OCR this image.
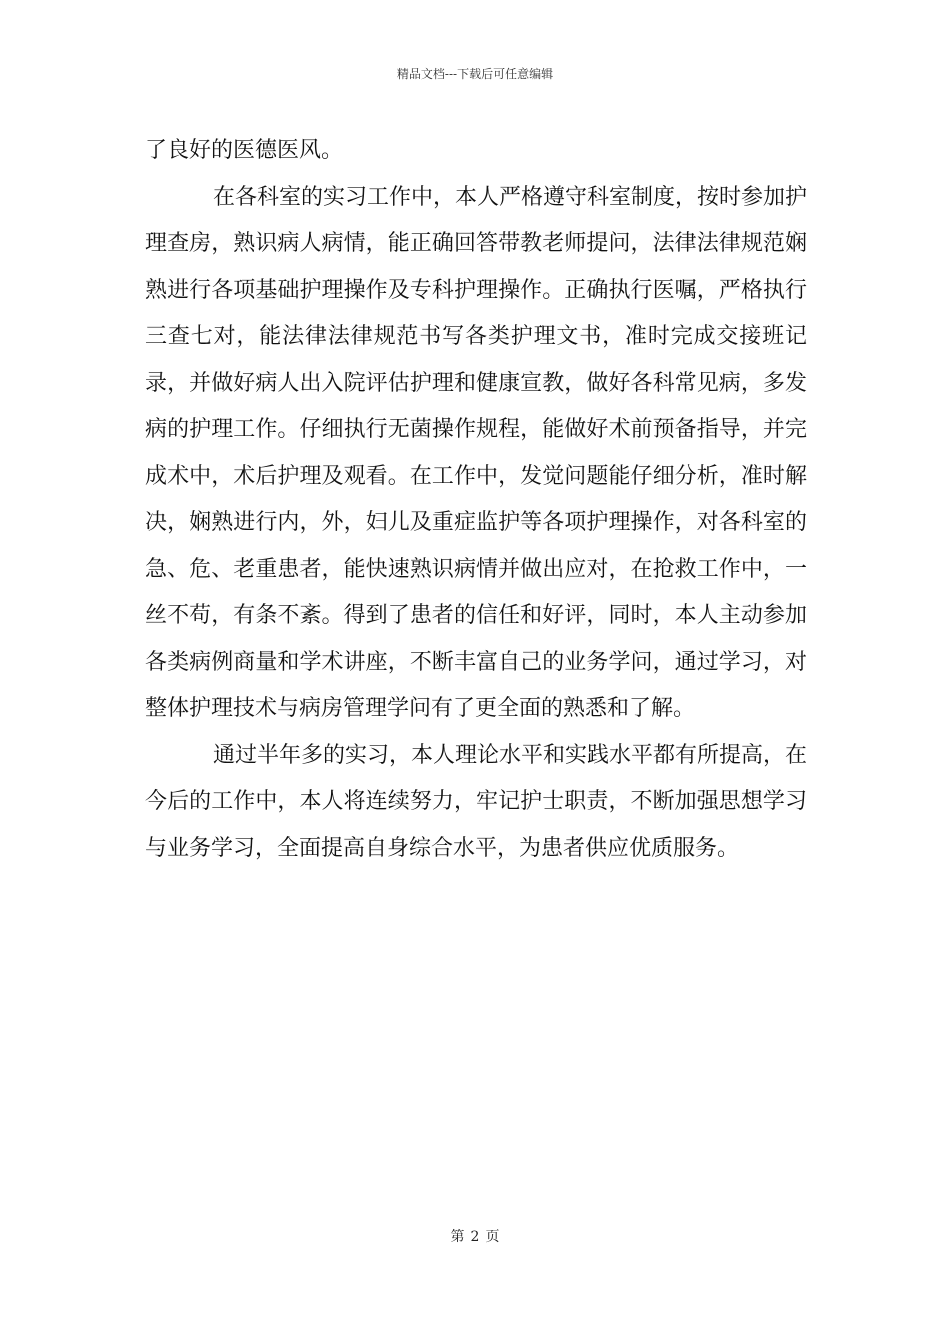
精品文档---下载后可任意编辑

了良好的医德医风。

在各科室的实习工作中，本人严格遵守科室制度，按时参加护理查房，熟识病人病情，能正确回答带教老师提问，法律法律规范娴熟进行各项基础护理操作及专科护理操作。正确执行医嘱，严格执行三查七对，能法律法律规范书写各类护理文书，准时完成交接班记录，并做好病人出入院评估护理和健康宣教，做好各科常见病，多发病的护理工作。仔细执行无菌操作规程，能做好术前预备指导，并完成术中，术后护理及观看。在工作中，发觉问题能仔细分析，准时解决，娴熟进行内，外，妇儿及重症监护等各项护理操作，对各科室的急、危、老重患者，能快速熟识病情并做出应对，在抢救工作中，一丝不苟，有条不紊。得到了患者的信任和好评，同时，本人主动参加各类病例商量和学术讲座，不断丰富自己的业务学问，通过学习，对整体护理技术与病房管理学问有了更全面的熟悉和了解。

通过半年多的实习，本人理论水平和实践水平都有所提高，在今后的工作中，本人将连续努力，牢记护士职责，不断加强思想学习与业务学习，全面提高自身综合水平，为患者供应优质服务。

第 2 页
